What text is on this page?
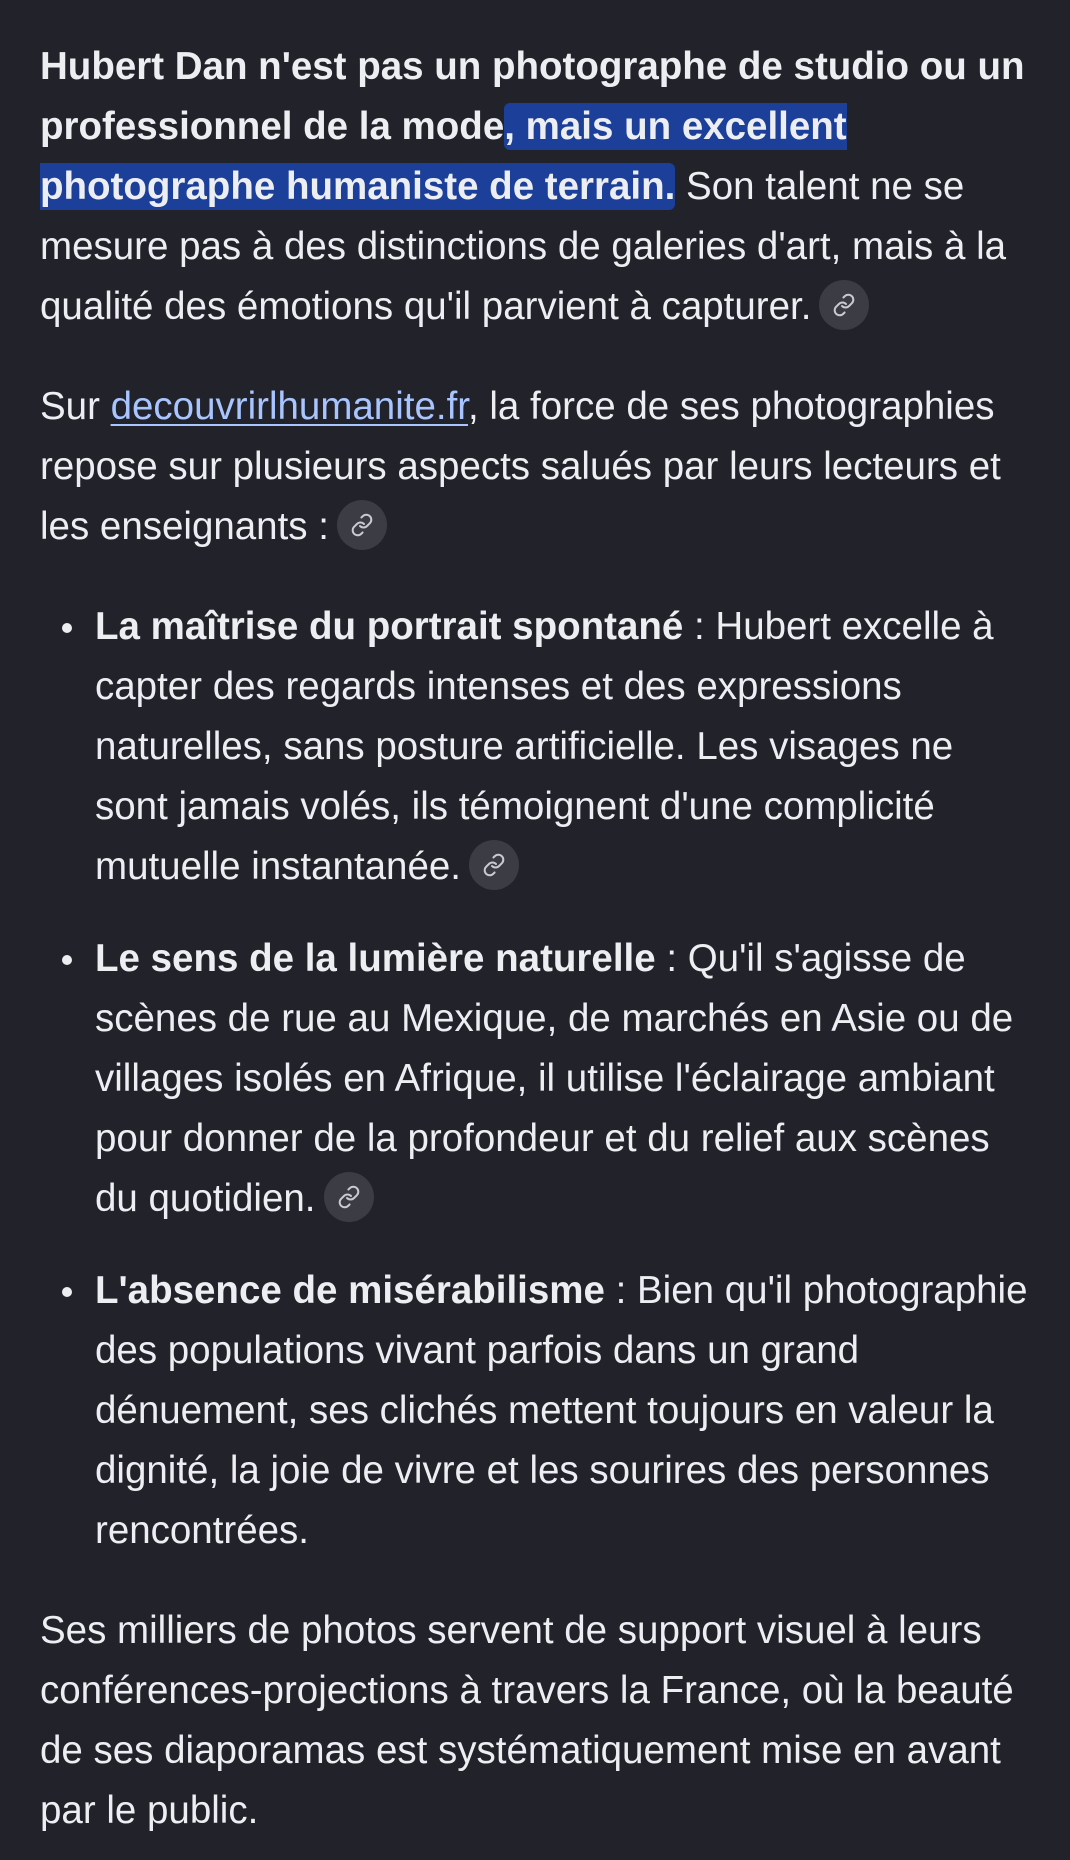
Hubert Dan n'est pas un photographe de studio ou un professionnel de la mode, mais un excellent photographe humaniste de terrain. Son talent ne se mesure pas à des distinctions de galeries d'art, mais à la qualité des émotions qu'il parvient à capturer.

Sur decouvrirlhumanite.fr, la force de ses photographies repose sur plusieurs aspects salués par leurs lecteurs et les enseignants :

La maîtrise du portrait spontané : Hubert excelle à capter des regards intenses et des expressions naturelles, sans posture artificielle. Les visages ne sont jamais volés, ils témoignent d'une complicité mutuelle instantanée.
Le sens de la lumière naturelle : Qu'il s'agisse de scènes de rue au Mexique, de marchés en Asie ou de villages isolés en Afrique, il utilise l'éclairage ambiant pour donner de la profondeur et du relief aux scènes du quotidien.
L'absence de misérabilisme : Bien qu'il photographie des populations vivant parfois dans un grand dénuement, ses clichés mettent toujours en valeur la dignité, la joie de vivre et les sourires des personnes rencontrées.

Ses milliers de photos servent de support visuel à leurs conférences-projections à travers la France, où la beauté de ses diaporamas est systématiquement mise en avant par le public.
